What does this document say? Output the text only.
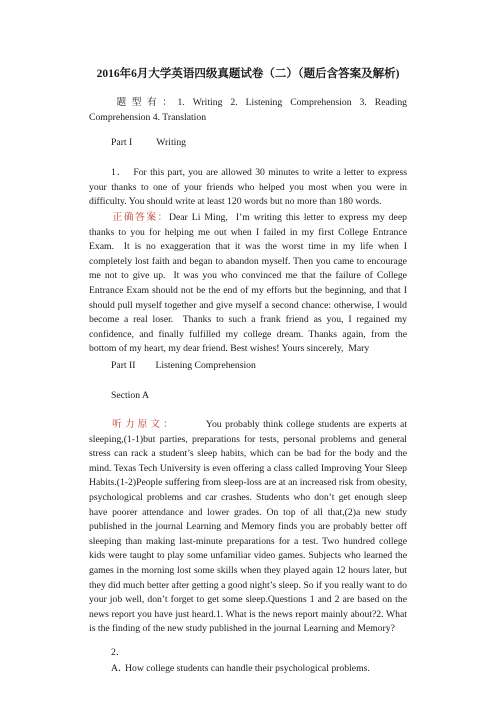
2016年6月大学英语四级真题试卷（二）（题后含答案及解析)
题型有：1. Writing 2. Listening Comprehension 3. Reading Comprehension 4. Translation
Part I Writing
1． For this part, you are allowed 30 minutes to write a letter to express your thanks to one of your friends who helped you most when you were in difficulty. You should write at least 120 words but no more than 180 words.
正确答案：Dear Li Ming,  I’m writing this letter to express my deep thanks to you for helping me out when I failed in my first College Entrance Exam.  It is no exaggeration that it was the worst time in my life when I completely lost faith and began to abandon myself. Then you came to encourage me not to give up.  It was you who convinced me that the failure of College Entrance Exam should not be the end of my efforts but the beginning, and that I should pull myself together and give myself a second chance: otherwise, I would become a real loser.  Thanks to such a frank friend as you, I regained my confidence, and finally fulfilled my college dream. Thanks again, from the bottom of my heart, my dear friend. Best wishes! Yours sincerely,  Mary
Part II Listening Comprehension
Section A
听力原文：	You probably think college students are experts at sleeping,(1-1)but parties, preparations for tests, personal problems and general stress can rack a student’s sleep habits, which can be bad for the body and the mind. Texas Tech University is even offering a class called Improving Your Sleep Habits.(1-2)People suffering from sleep-loss are at an increased risk from obesity, psychological problems and car crashes. Students who don’t get enough sleep have poorer attendance and lower grades. On top of all that,(2)a new study published in the journal Learning and Memory finds you are probably better off sleeping than making last-minute preparations for a test. Two hundred college kids were taught to play some unfamiliar video games. Subjects who learned the games in the morning lost some skills when they played again 12 hours later, but they did much better after getting a good night’s sleep. So if you really want to do your job well, don’t forget to get some sleep.Questions 1 and 2 are based on the news report you have just heard.1. What is the news report mainly about?2. What is the finding of the new study published in the journal Learning and Memory?
2．
A．How college students can handle their psychological problems.
